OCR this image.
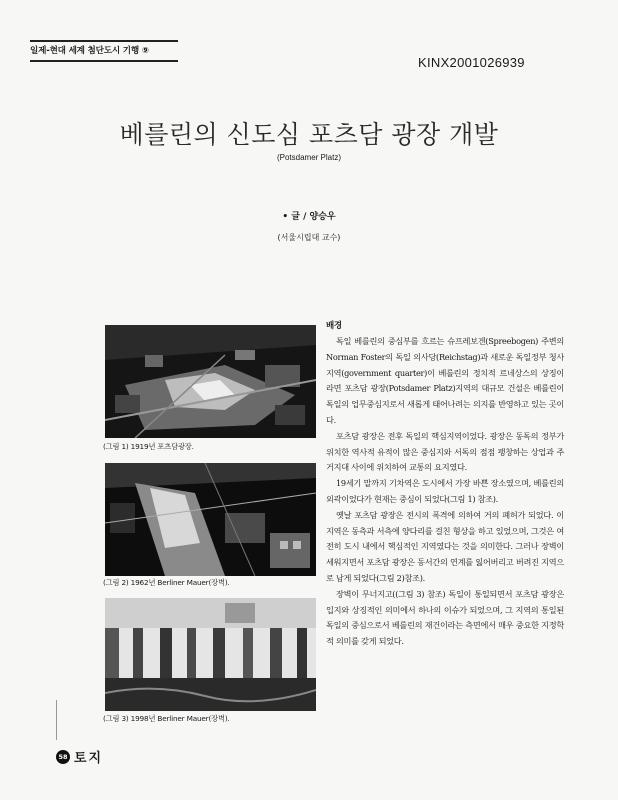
일제-현대 세계 첨단도시 기행 ⑨
KINX2001026939
베를린의 신도심 포츠담 광장 개발
(Potsdamer Platz)
• 글 / 양승우
(서울시립대 교수)
(그림 1) 1919년 포츠담광장.
(그림 2) 1962년 Berliner Mauer(장벽).
(그림 3) 1998년 Berliner Mauer(장벽).
배경

독일 베를린의 중심부를 흐르는 슈프레보겐(Spreebogen) 주변의 Norman Foster의 독일 의사당(Reichstag)과 새로운 독일정부 청사지역(government quarter)이 베를린의 정치적 르네상스의 상징이라면 포츠담 광장(Potsdamer Platz)지역의 대규모 건설은 베를린이 독일의 업무중심지로서 새롭게 태어나려는 의지를 반영하고 있는 곳이다.

포츠담 광장은 전후 독일의 핵심지역이었다. 광장은 동독의 정부가 위치한 역사적 유적이 많은 중심지와 서독의 점점 팽창하는 상업과 주거지대 사이에 위치하여 교통의 요지였다.

19세기 말까지 기차역은 도시에서 가장 바쁜 장소였으며, 베를린의 외곽이었다가 현재는 중심이 되었다(그림 1) 참조).

옛날 포츠담 광장은 전시의 폭격에 의하여 거의 폐허가 되었다. 이 지역은 동측과 서측에 양다리를 걸친 형상을 하고 있었으며, 그것은 여전히 도시 내에서 핵심적인 지역였다는 것을 의미한다. 그러나 장벽이 세워지면서 포츠담 광장은 동서간의 연계를 잃어버리고 버려진 지역으로 남게 되었다(그림 2)참조).

장벽이 무너지고((그림 3) 참조) 독일이 통일되면서 포츠담 광장은 입지와 상징적인 의미에서 하나의 이슈가 되었으며, 그 지역의 통일된 독일의 중심으로서 베를린의 재건이라는 측면에서 매우 중요한 지정학적 의미를 갖게 되었다.

58 토지
